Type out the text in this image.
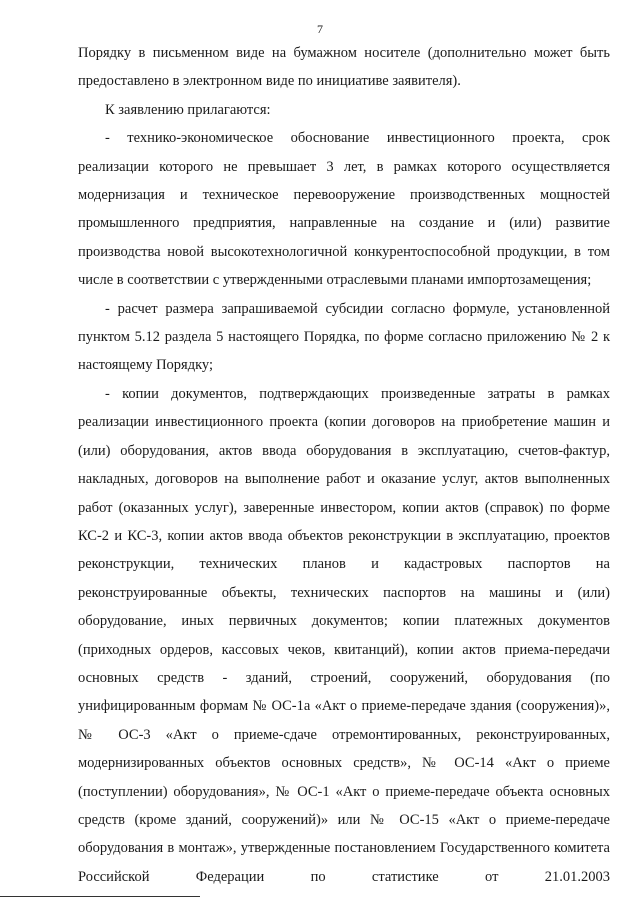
7

Порядку в письменном виде на бумажном носителе (дополнительно может быть предоставлено в электронном виде по инициативе заявителя).

К заявлению прилагаются:

- технико-экономическое обоснование инвестиционного проекта, срок реализации которого не превышает 3 лет, в рамках которого осуществляется модернизация и техническое перевооружение производственных мощностей промышленного предприятия, направленные на создание и (или) развитие производства новой высокотехнологичной конкурентоспособной продукции, в том числе в соответствии с утвержденными отраслевыми планами импортозамещения;

- расчет размера запрашиваемой субсидии согласно формуле, установленной пунктом 5.12 раздела 5 настоящего Порядка, по форме согласно приложению № 2 к настоящему Порядку;

- копии документов, подтверждающих произведенные затраты в рамках реализации инвестиционного проекта (копии договоров на приобретение машин и (или) оборудования, актов ввода оборудования в эксплуатацию, счетов-фактур, накладных, договоров на выполнение работ и оказание услуг, актов выполненных работ (оказанных услуг), заверенные инвестором, копии актов (справок) по форме КС-2 и КС-3, копии актов ввода объектов реконструкции в эксплуатацию, проектов реконструкции, технических планов и кадастровых паспортов на реконструированные объекты, технических паспортов на машины и (или) оборудование, иных первичных документов; копии платежных документов (приходных ордеров, кассовых чеков, квитанций), копии актов приема-передачи основных средств - зданий, строений, сооружений, оборудования (по унифицированным формам № ОС-1а «Акт о приеме-передаче здания (сооружения)», № ОС-3 «Акт о приеме-сдаче отремонтированных, реконструированных, модернизированных объектов основных средств», № ОС-14 «Акт о приеме (поступлении) оборудования», № ОС-1 «Акт о приеме-передаче объекта основных средств (кроме зданий, сооружений)» или № ОС-15 «Акт о приеме-передаче оборудования в монтаж», утвержденные постановлением Государственного комитета Российской Федерации по статистике от 21.01.2003
